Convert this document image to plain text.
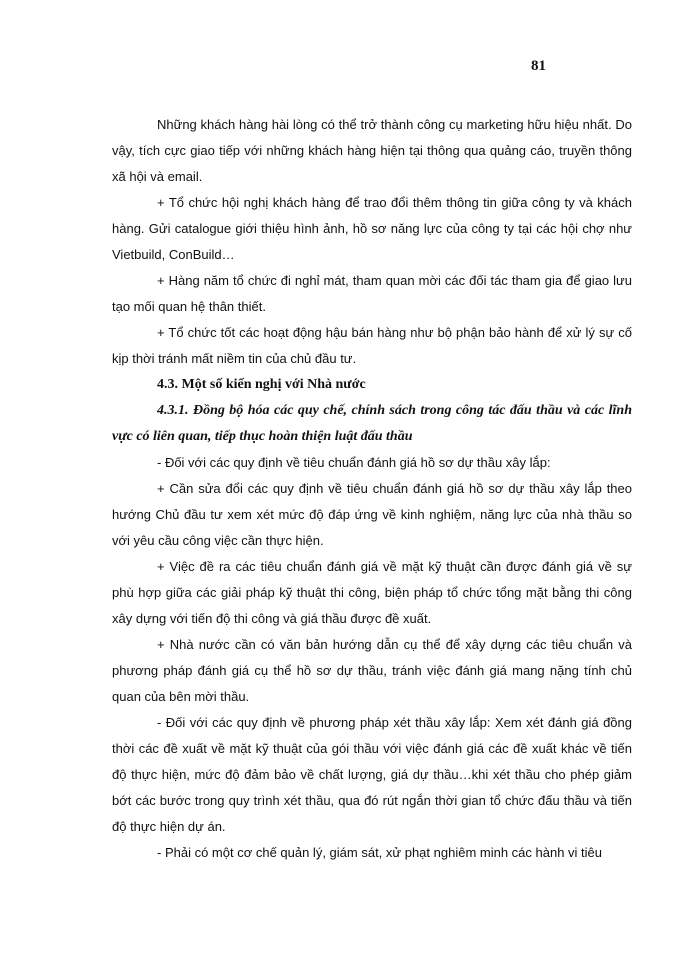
81

Những khách hàng hài lòng có thể trở thành công cụ marketing hữu hiệu nhất. Do vậy, tích cực giao tiếp với những khách hàng hiện tại thông qua quảng cáo, truyền thông xã hội và email.

+ Tổ chức hội nghị khách hàng để trao đổi thêm thông tin giữa công ty và khách hàng. Gửi catalogue giới thiệu hình ảnh, hồ sơ năng lực của công ty tại các hội chợ như Vietbuild, ConBuild…

+ Hàng năm tổ chức đi nghỉ mát, tham quan mời các đối tác tham gia để giao lưu tạo mối quan hệ thân thiết.

+ Tổ chức tốt các hoạt động hậu bán hàng như bộ phận bảo hành để xử lý sự cố kịp thời tránh mất niềm tin của chủ đầu tư.

4.3. Một số kiến nghị với Nhà nước

4.3.1. Đồng bộ hóa các quy chế, chính sách trong công tác đấu thầu và các lĩnh vực có liên quan, tiếp thục hoàn thiện luật đấu thầu

- Đối với các quy định về tiêu chuẩn đánh giá hồ sơ dự thầu xây lắp:

+ Cần sửa đổi các quy định về tiêu chuẩn đánh giá hồ sơ dự thầu xây lắp theo hướng Chủ đầu tư xem xét mức độ đáp ứng về kinh nghiệm, năng lực của nhà thầu so với yêu cầu công việc cần thực hiện.

+ Việc đề ra các tiêu chuẩn đánh giá về mặt kỹ thuật cần được đánh giá về sự phù hợp giữa các giải pháp kỹ thuật thi công, biện pháp tổ chức tổng mặt bằng thi công xây dựng với tiến độ thi công và giá thầu được đề xuất.

+ Nhà nước cần có văn bản hướng dẫn cụ thể để xây dựng các tiêu chuẩn và phương pháp đánh giá cụ thể hồ sơ dự thầu, tránh việc đánh giá mang nặng tính chủ quan của bên mời thầu.

- Đối với các quy định về phương pháp xét thầu xây lắp: Xem xét đánh giá đồng thời các đề xuất về mặt kỹ thuật của gói thầu với việc đánh giá các đề xuất khác về tiến độ thực hiện, mức độ đảm bảo về chất lượng, giá dự thầu…khi xét thầu cho phép giảm bớt các bước trong quy trình xét thầu, qua đó rút ngắn thời gian tổ chức đấu thầu và tiến độ thực hiện dự án.

- Phải có một cơ chế quản lý, giám sát, xử phạt nghiêm minh các hành vi tiêu
